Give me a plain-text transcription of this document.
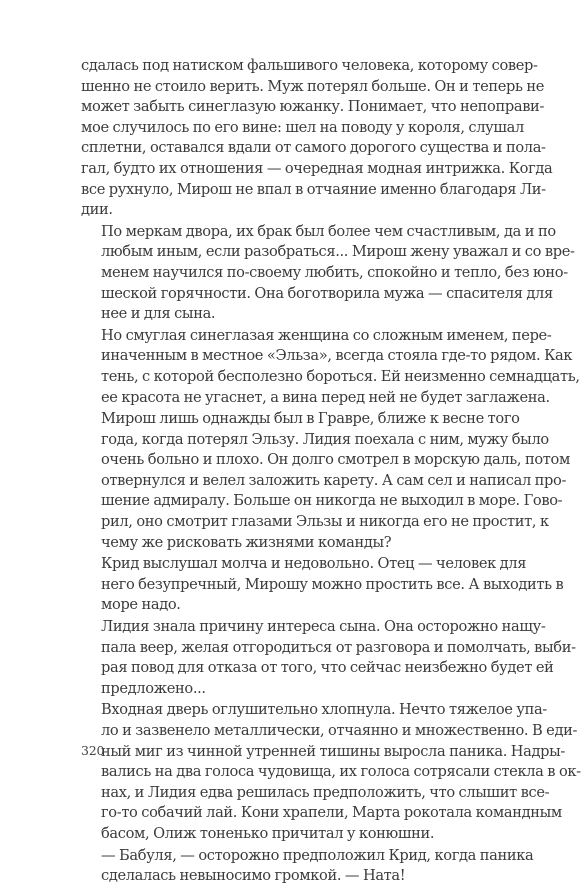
сдалась под натиском фальшивого человека, которому совер-
шенно не стоило верить. Муж потерял больше. Он и теперь не
может забыть синеглазую южанку. Понимает, что непоправи-
мое случилось по его вине: шел на поводу у короля, слушал
сплетни, оставался вдали от самого дорогого существа и пола-
гал, будто их отношения — очередная модная интрижка. Когда
все рухнуло, Мирош не впал в отчаяние именно благодаря Ли-
дии.

По меркам двора, их брак был более чем счастливым, да и по
любым иным, если разобраться... Мирош жену уважал и со вре-
менем научился по-своему любить, спокойно и тепло, без юно-
шеской горячности. Она боготворила мужа — спасителя для
нее и для сына.

Но смуглая синеглазая женщина со сложным именем, пере-
иначенным в местное «Эльза», всегда стояла где-то рядом. Как
тень, с которой бесполезно бороться. Ей неизменно семнадцать,
ее красота не угаснет, а вина перед ней не будет заглажена.

Мирош лишь однажды был в Гравре, ближе к весне того
года, когда потерял Эльзу. Лидия поехала с ним, мужу было
очень больно и плохо. Он долго смотрел в морскую даль, потом
отвернулся и велел заложить карету. А сам сел и написал про-
шение адмиралу. Больше он никогда не выходил в море. Гово-
рил, оно смотрит глазами Эльзы и никогда его не простит, к
чему же рисковать жизнями команды?

Крид выслушал молча и недовольно. Отец — человек для
него безупречный, Мирошу можно простить все. А выходить в
море надо.

Лидия знала причину интереса сына. Она осторожно нащу-
пала веер, желая отгородиться от разговора и помолчать, выби-
рая повод для отказа от того, что сейчас неизбежно будет ей
предложено...

Входная дверь оглушительно хлопнула. Нечто тяжелое упа-
ло и зазвенело металлически, отчаянно и множественно. В еди-
ный миг из чинной утренней тишины выросла паника. Надры-
вались на два голоса чудовища, их голоса сотрясали стекла в ок-
нах, и Лидия едва решилась предположить, что слышит все-
го-то собачий лай. Кони храпели, Марта рокотала командным
басом, Олиж тоненько причитал у конюшни.

— Бабуля, — осторожно предположил Крид, когда паника
сделалась невыносимо громкой. — Ната!

320
